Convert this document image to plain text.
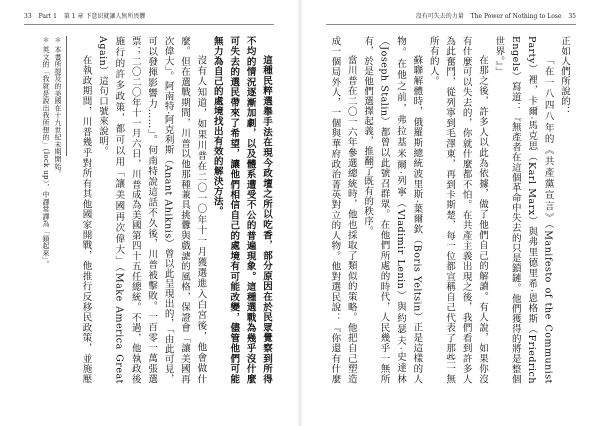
33 Part 1 第 1 章 下意识就讓人無所畏懼

這種民粹選舉手法在現今政壇之所以吃香，部分原因在於民眾覺察到所得不均的情況逐漸加劇，以及體系遭受不公的普遍現象。這種選戰為幾乎沒什麼可失去的選民帶來了希望，讓他們相信自己的處境有可能改變，儘管他們可能無力為自己的處境找出有效的解決方法。

沒有人知道，如果川普在二〇一〇年十一月獲選進入白宮後，他會做什麼。但在選戰期間，川普以他那種兼具挑釁與戲謔的風格，保證會「讓美國再次偉大」。阿南特·阿克利斯（Anant Ahiknis）曾以此呈現出的，「由此可見，可以發揮影響力……」。何南特說這話不久後，川普被擊敗。一百零一萬張選票；二〇二〇年十一月六日，川普成為美國第四十五任總統。不過，他執政後施行的許多政策，都可以用「讓美國再次偉大」（Make America Great Again）這句口號來說明。

在執政期間，川普幾乎對所有其他國家開戰，他推行反移民政策，並施壓

＊ 本書所提及的美國在十九世紀末期開始。

＊ 英文的「我就是說出我所想的」（lock up），中譯常譯為「鎖起來」。

沒有可失去的力量 The Power of Nothing to Lose 35

正如人們所說的：

「在一八四八年的《共產黨宣言》（Manifesto of the Communist Party）裡，卡爾·馬克思（Karl Marx）與弗里德里希·恩格斯（Friedrich Engels）寫道：『無產者在這個革命中失去的只是鎖鏈。他們獲得的將是整個世界。』」

在那之後，許多人以此為依據，做了他們自己的解讀。有人說，如果你沒有什麼可以失去的，你就什麼都不怕。在共產主義出現之後，我們看到許多人為此奮鬥，從列寧到毛澤東，再到卡斯楚，每一位都宣稱自己代表了那些一無所有的人。

蘇聯解體時，俄羅斯總統波里斯·葉爾欽（Boris Yeltsin）正是這樣的人物。在他之前，弗拉基米爾·列寧（Vladimir Lenin）與約瑟夫·史達林（Joseph Stalin）都曾以此號召群眾。在他們所處的時代，人民幾乎一無所有，於是他們選擇起義，推翻了既有的秩序。

當川普在二〇一六年參選總統時，他也採取了類似的策略。他把自己塑造成一個局外人，一個與華府政治菁英對立的人物。他對選民說：『你還有什麼
